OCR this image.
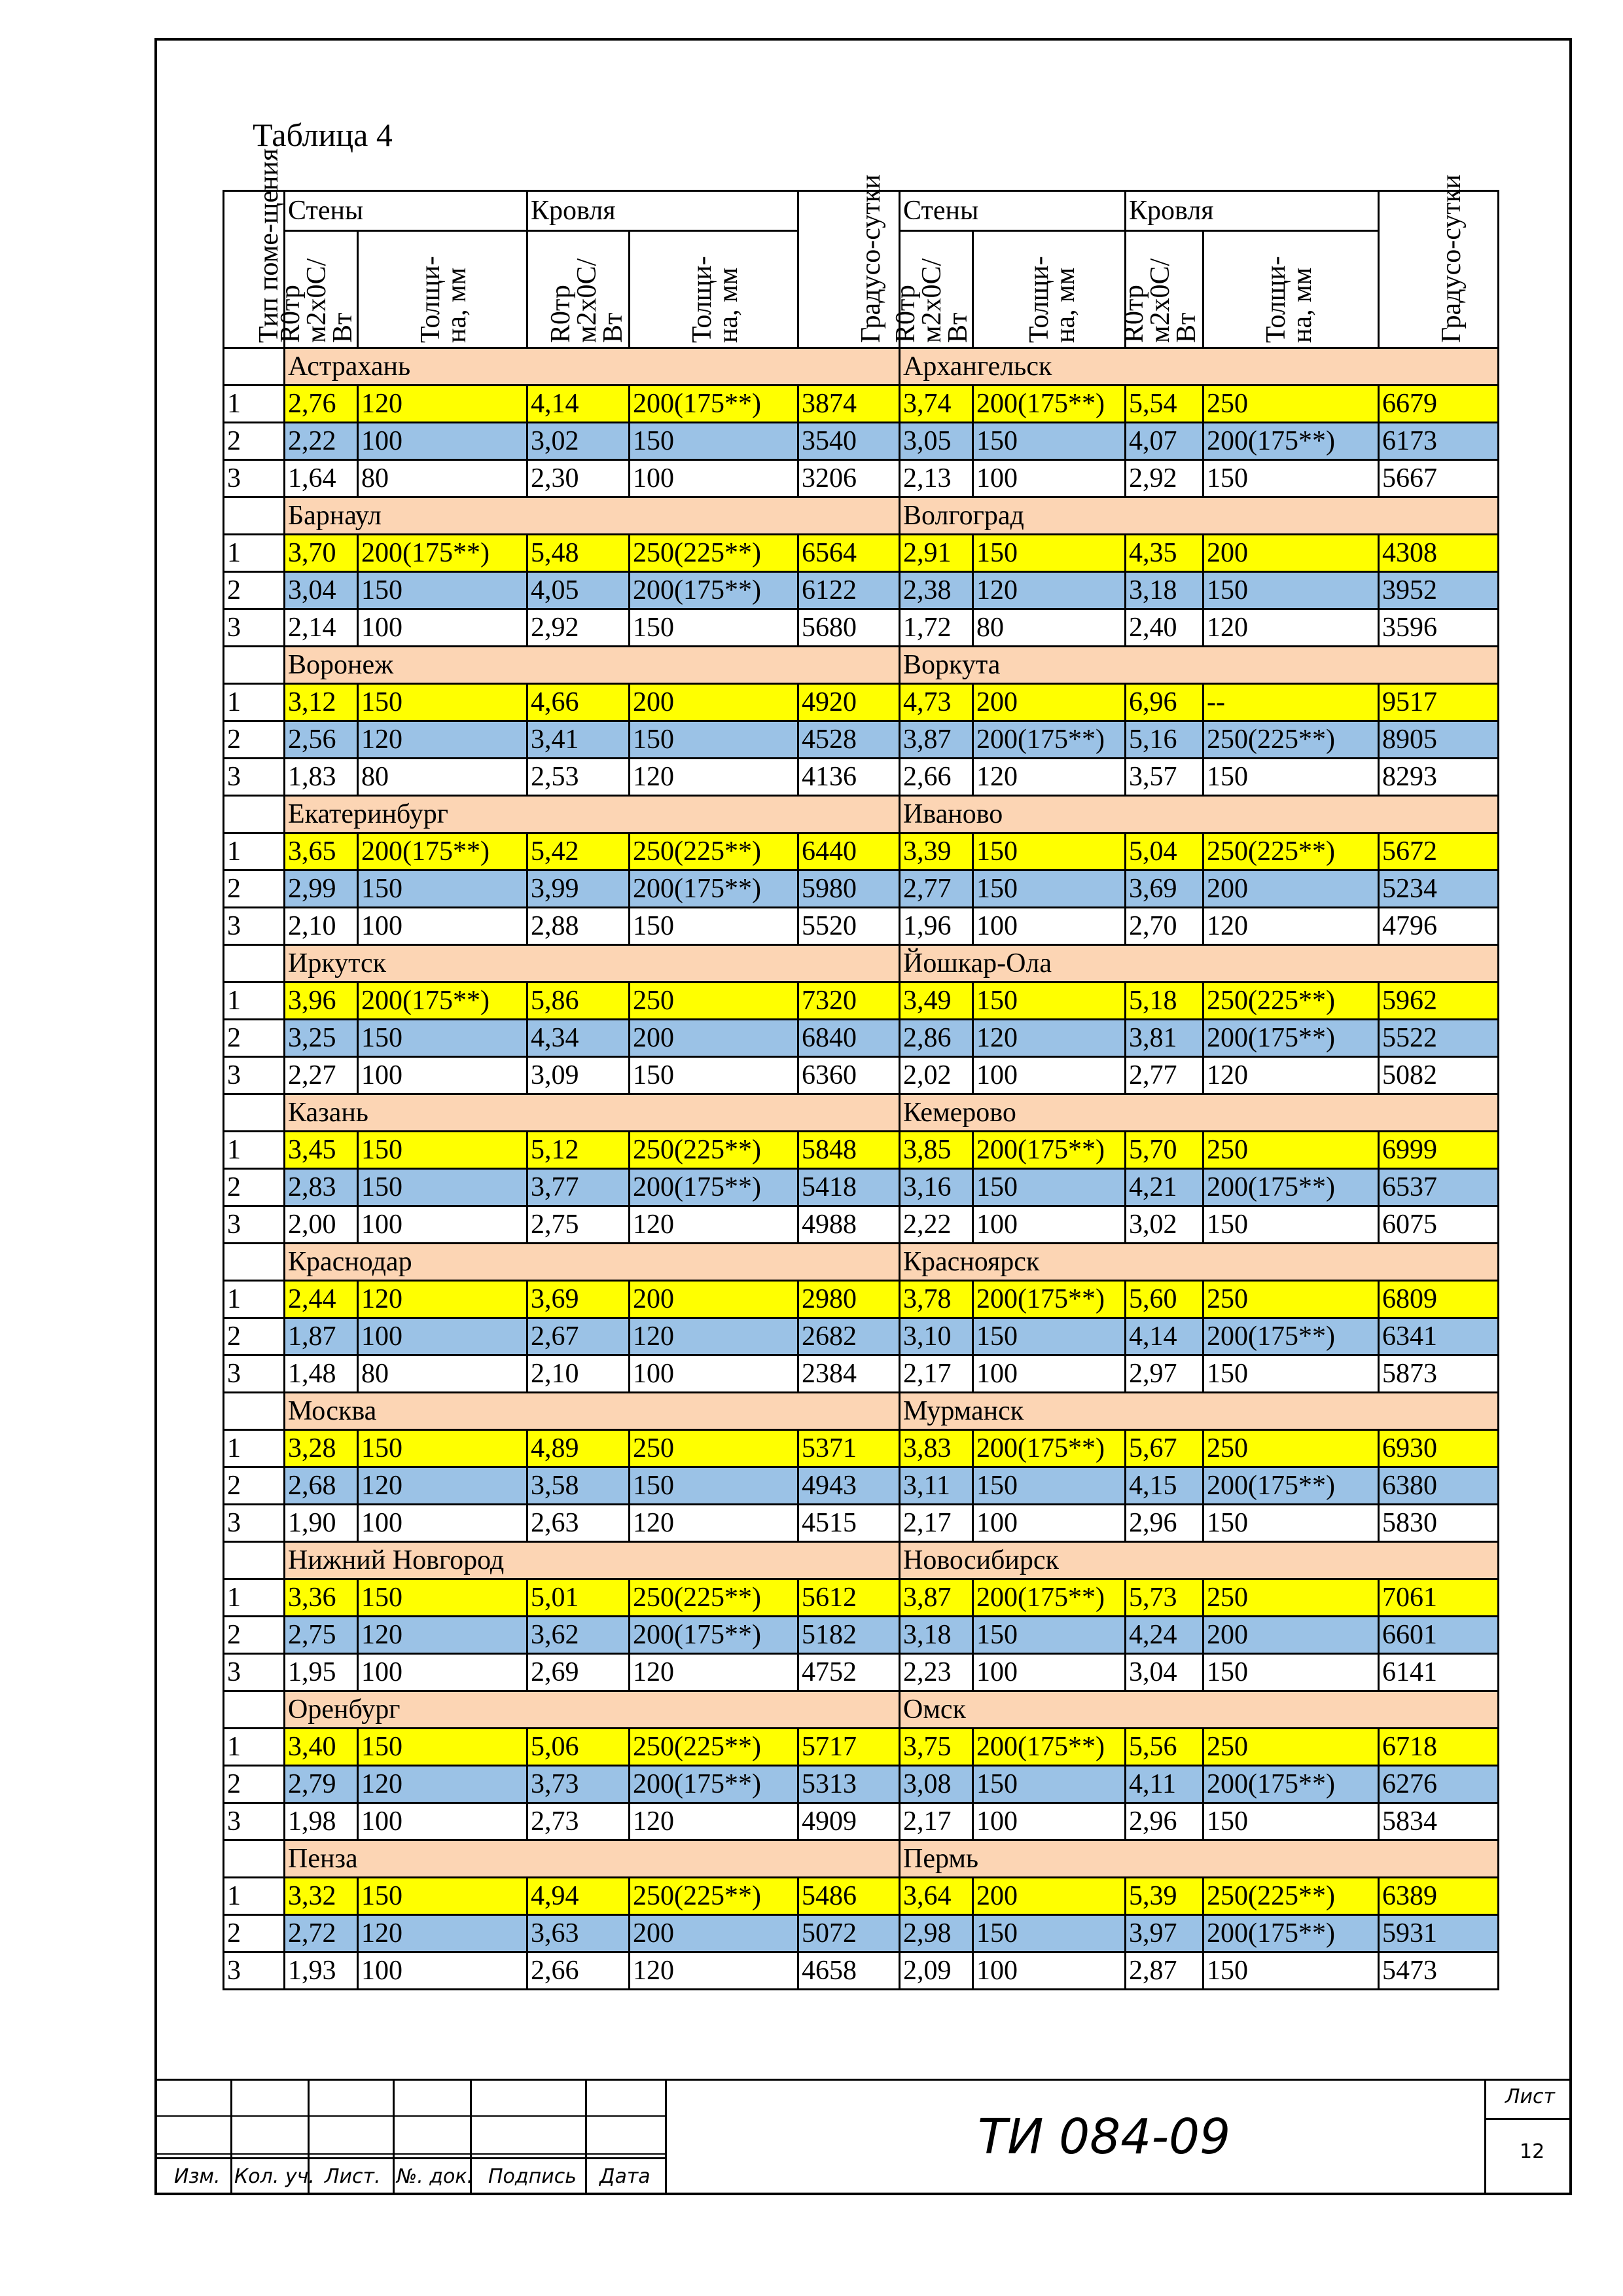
Таблица 4
Тип поме-щения	Стены		Кровля		Градусо-сутки	Стены		Кровля		Градусо-сутки

	R0тр м2х0С/Вт	Толщи-на, мм	R0тр м2х0С/Вт	Толщи-на, мм		R0тр м2х0С/Вт	Толщи-на, мм	R0тр м2х0С/Вт	Толщи-на, мм	

	Астрахань					Архангельск				
1	2,76	120	4,14	200(175**)	3874	3,74	200(175**)	5,54	250	6679
2	2,22	100	3,02	150	3540	3,05	150	4,07	200(175**)	6173
3	1,64	80	2,30	100	3206	2,13	100	2,92	150	5667
	Барнаул					Волгоград				
1	3,70	200(175**)	5,48	250(225**)	6564	2,91	150	4,35	200	4308
2	3,04	150	4,05	200(175**)	6122	2,38	120	3,18	150	3952
3	2,14	100	2,92	150	5680	1,72	80	2,40	120	3596
	Воронеж					Воркута				
1	3,12	150	4,66	200	4920	4,73	200	6,96	--	9517
2	2,56	120	3,41	150	4528	3,87	200(175**)	5,16	250(225**)	8905
3	1,83	80	2,53	120	4136	2,66	120	3,57	150	8293
	Екатеринбург					Иваново				
1	3,65	200(175**)	5,42	250(225**)	6440	3,39	150	5,04	250(225**)	5672
2	2,99	150	3,99	200(175**)	5980	2,77	150	3,69	200	5234
3	2,10	100	2,88	150	5520	1,96	100	2,70	120	4796
	Иркутск					Йошкар-Ола				
1	3,96	200(175**)	5,86	250	7320	3,49	150	5,18	250(225**)	5962
2	3,25	150	4,34	200	6840	2,86	120	3,81	200(175**)	5522
3	2,27	100	3,09	150	6360	2,02	100	2,77	120	5082
	Казань					Кемерово				
1	3,45	150	5,12	250(225**)	5848	3,85	200(175**)	5,70	250	6999
2	2,83	150	3,77	200(175**)	5418	3,16	150	4,21	200(175**)	6537
3	2,00	100	2,75	120	4988	2,22	100	3,02	150	6075
	Краснодар					Красноярск				
1	2,44	120	3,69	200	2980	3,78	200(175**)	5,60	250	6809
2	1,87	100	2,67	120	2682	3,10	150	4,14	200(175**)	6341
3	1,48	80	2,10	100	2384	2,17	100	2,97	150	5873
	Москва					Мурманск				
1	3,28	150	4,89	250	5371	3,83	200(175**)	5,67	250	6930
2	2,68	120	3,58	150	4943	3,11	150	4,15	200(175**)	6380
3	1,90	100	2,63	120	4515	2,17	100	2,96	150	5830
	Нижний Новгород					Новосибирск				
1	3,36	150	5,01	250(225**)	5612	3,87	200(175**)	5,73	250	7061
2	2,75	120	3,62	200(175**)	5182	3,18	150	4,24	200	6601
3	1,95	100	2,69	120	4752	2,23	100	3,04	150	6141
	Оренбург					Омск				
1	3,40	150	5,06	250(225**)	5717	3,75	200(175**)	5,56	250	6718
2	2,79	120	3,73	200(175**)	5313	3,08	150	4,11	200(175**)	6276
3	1,98	100	2,73	120	4909	2,17	100	2,96	150	5834
	Пенза					Пермь				
1	3,32	150	4,94	250(225**)	5486	3,64	200	5,39	250(225**)	6389
2	2,72	120	3,63	200	5072	2,98	150	3,97	200(175**)	5931
3	1,93	100	2,66	120	4658	2,09	100	2,87	150	5473
Изм. Кол. уч. Лист. №. док. Подпись Дата
ТИ 084-09
Лист
12
